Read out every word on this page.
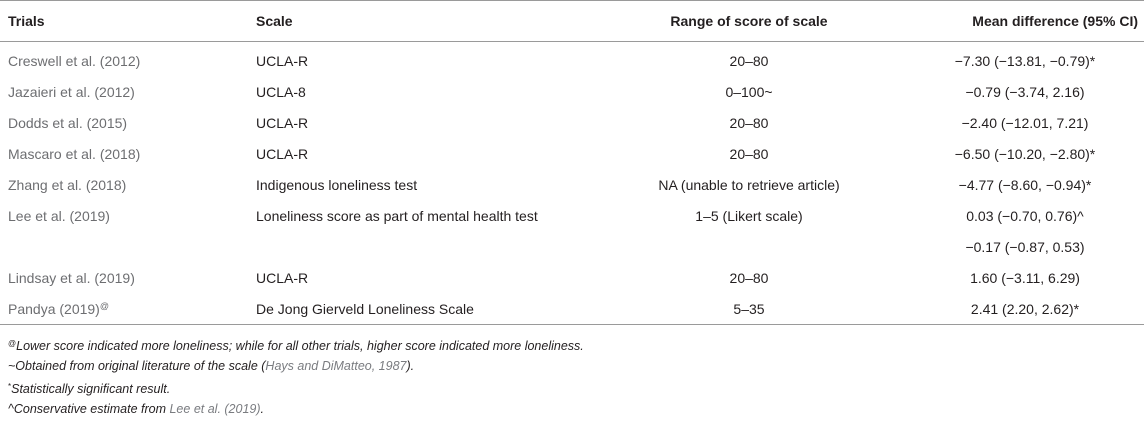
Trials	Scale	Range of score of scale	Mean difference (95% CI)
Creswell et al. (2012)	UCLA-R	20–80	−7.30 (−13.81, −0.79)*
Jazaieri et al. (2012)	UCLA-8	0–100~	−0.79 (−3.74, 2.16)
Dodds et al. (2015)	UCLA-R	20–80	−2.40 (−12.01, 7.21)
Mascaro et al. (2018)	UCLA-R	20–80	−6.50 (−10.20, −2.80)*
Zhang et al. (2018)	Indigenous loneliness test	NA (unable to retrieve article)	−4.77 (−8.60, −0.94)*
Lee et al. (2019)	Loneliness score as part of mental health test	1–5 (Likert scale)	0.03 (−0.70, 0.76)^
			−0.17 (−0.87, 0.53)
Lindsay et al. (2019)	UCLA-R	20–80	1.60 (−3.11, 6.29)
Pandya (2019)@	De Jong Gierveld Loneliness Scale	5–35	2.41 (2.20, 2.62)*
@Lower score indicated more loneliness; while for all other trials, higher score indicated more loneliness.
~Obtained from original literature of the scale (Hays and DiMatteo, 1987).
*Statistically significant result.
^Conservative estimate from Lee et al. (2019).
